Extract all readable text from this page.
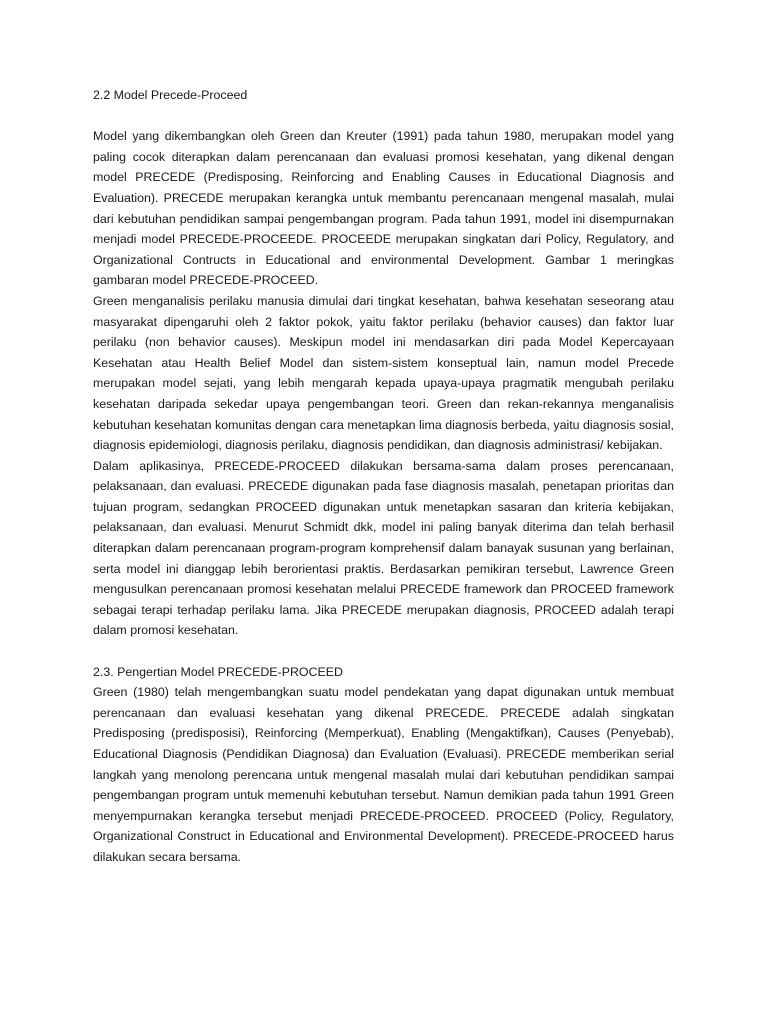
2.2 Model Precede-Proceed

Model yang dikembangkan oleh Green dan Kreuter (1991) pada tahun 1980, merupakan model yang paling cocok diterapkan dalam perencanaan dan evaluasi promosi kesehatan, yang dikenal dengan model PRECEDE (Predisposing, Reinforcing and Enabling Causes in Educational Diagnosis and Evaluation). PRECEDE merupakan kerangka untuk membantu perencanaan mengenal masalah, mulai dari kebutuhan pendidikan sampai pengembangan program. Pada tahun 1991, model ini disempurnakan menjadi model PRECEDE-PROCEEDE. PROCEEDE merupakan singkatan dari Policy, Regulatory, and Organizational Contructs in Educational and environmental Development. Gambar 1 meringkas gambaran model PRECEDE-PROCEED.

Green menganalisis perilaku manusia dimulai dari tingkat kesehatan, bahwa kesehatan seseorang atau masyarakat dipengaruhi oleh 2 faktor pokok, yaitu faktor perilaku (behavior causes) dan faktor luar perilaku (non behavior causes). Meskipun model ini mendasarkan diri pada Model Kepercayaan Kesehatan atau Health Belief Model dan sistem-sistem konseptual lain, namun model Precede merupakan model sejati, yang lebih mengarah kepada upaya-upaya pragmatik mengubah perilaku kesehatan daripada sekedar upaya pengembangan teori. Green dan rekan-rekannya menganalisis kebutuhan kesehatan komunitas dengan cara menetapkan lima diagnosis berbeda, yaitu diagnosis sosial, diagnosis epidemiologi, diagnosis perilaku, diagnosis pendidikan, dan diagnosis administrasi/ kebijakan.

Dalam aplikasinya, PRECEDE-PROCEED dilakukan bersama-sama dalam proses perencanaan, pelaksanaan, dan evaluasi. PRECEDE digunakan pada fase diagnosis masalah, penetapan prioritas dan tujuan program, sedangkan PROCEED digunakan untuk menetapkan sasaran dan kriteria kebijakan, pelaksanaan, dan evaluasi. Menurut Schmidt dkk, model ini paling banyak diterima dan telah berhasil diterapkan dalam perencanaan program-program komprehensif dalam banayak susunan yang berlainan, serta model ini dianggap lebih berorientasi praktis. Berdasarkan pemikiran tersebut, Lawrence Green mengusulkan perencanaan promosi kesehatan melalui PRECEDE framework dan PROCEED framework sebagai terapi terhadap perilaku lama. Jika PRECEDE merupakan diagnosis, PROCEED adalah terapi dalam promosi kesehatan.

2.3. Pengertian Model PRECEDE-PROCEED

Green (1980) telah mengembangkan suatu model pendekatan yang dapat digunakan untuk membuat perencanaan dan evaluasi kesehatan yang dikenal PRECEDE. PRECEDE adalah singkatan Predisposing (predisposisi), Reinforcing (Memperkuat), Enabling (Mengaktifkan), Causes (Penyebab), Educational Diagnosis (Pendidikan Diagnosa) dan Evaluation (Evaluasi). PRECEDE memberikan serial langkah yang menolong perencana untuk mengenal masalah mulai dari kebutuhan pendidikan sampai pengembangan program untuk memenuhi kebutuhan tersebut. Namun demikian pada tahun 1991 Green menyempurnakan kerangka tersebut menjadi PRECEDE-PROCEED. PROCEED (Policy, Regulatory, Organizational Construct in Educational and Environmental Development). PRECEDE-PROCEED harus dilakukan secara bersama.
